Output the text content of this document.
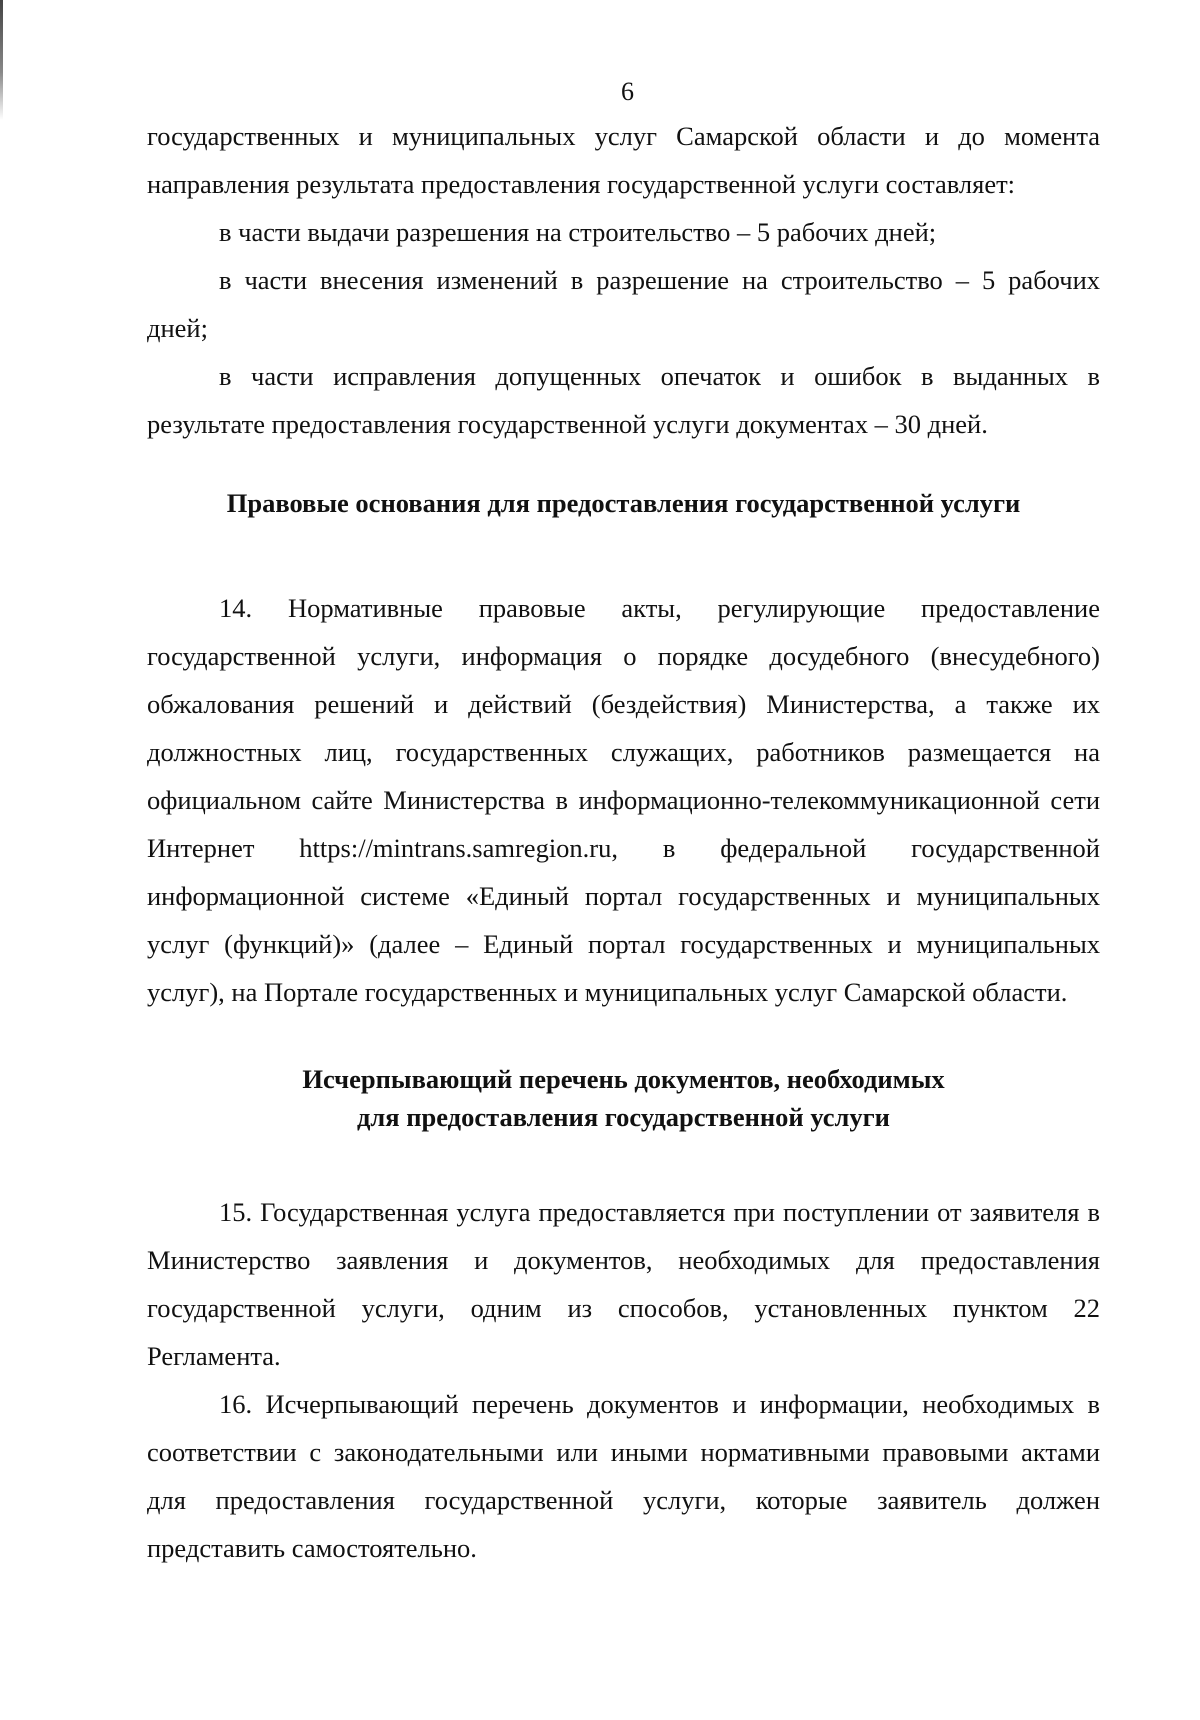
6

государственных и муниципальных услуг Самарской области и до момента направления результата предоставления государственной услуги составляет:

в части выдачи разрешения на строительство – 5 рабочих дней;

в части внесения изменений в разрешение на строительство – 5 рабочих дней;

в части исправления допущенных опечаток и ошибок в выданных в результате предоставления государственной услуги документах – 30 дней.

Правовые основания для предоставления государственной услуги

14. Нормативные правовые акты, регулирующие предоставление государственной услуги, информация о порядке досудебного (внесудебного) обжалования решений и действий (бездействия) Министерства, а также их должностных лиц, государственных служащих, работников размещается на официальном сайте Министерства в информационно-телекоммуникационной сети Интернет https://mintrans.samregion.ru, в федеральной государственной информационной системе «Единый портал государственных и муниципальных услуг (функций)» (далее – Единый портал государственных и муниципальных услуг), на Портале государственных и муниципальных услуг Самарской области.

Исчерпывающий перечень документов, необходимых
для предоставления государственной услуги

15. Государственная услуга предоставляется при поступлении от заявителя в Министерство заявления и документов, необходимых для предоставления государственной услуги, одним из способов, установленных пунктом 22 Регламента.

16. Исчерпывающий перечень документов и информации, необходимых в соответствии с законодательными или иными нормативными правовыми актами для предоставления государственной услуги, которые заявитель должен представить самостоятельно.
